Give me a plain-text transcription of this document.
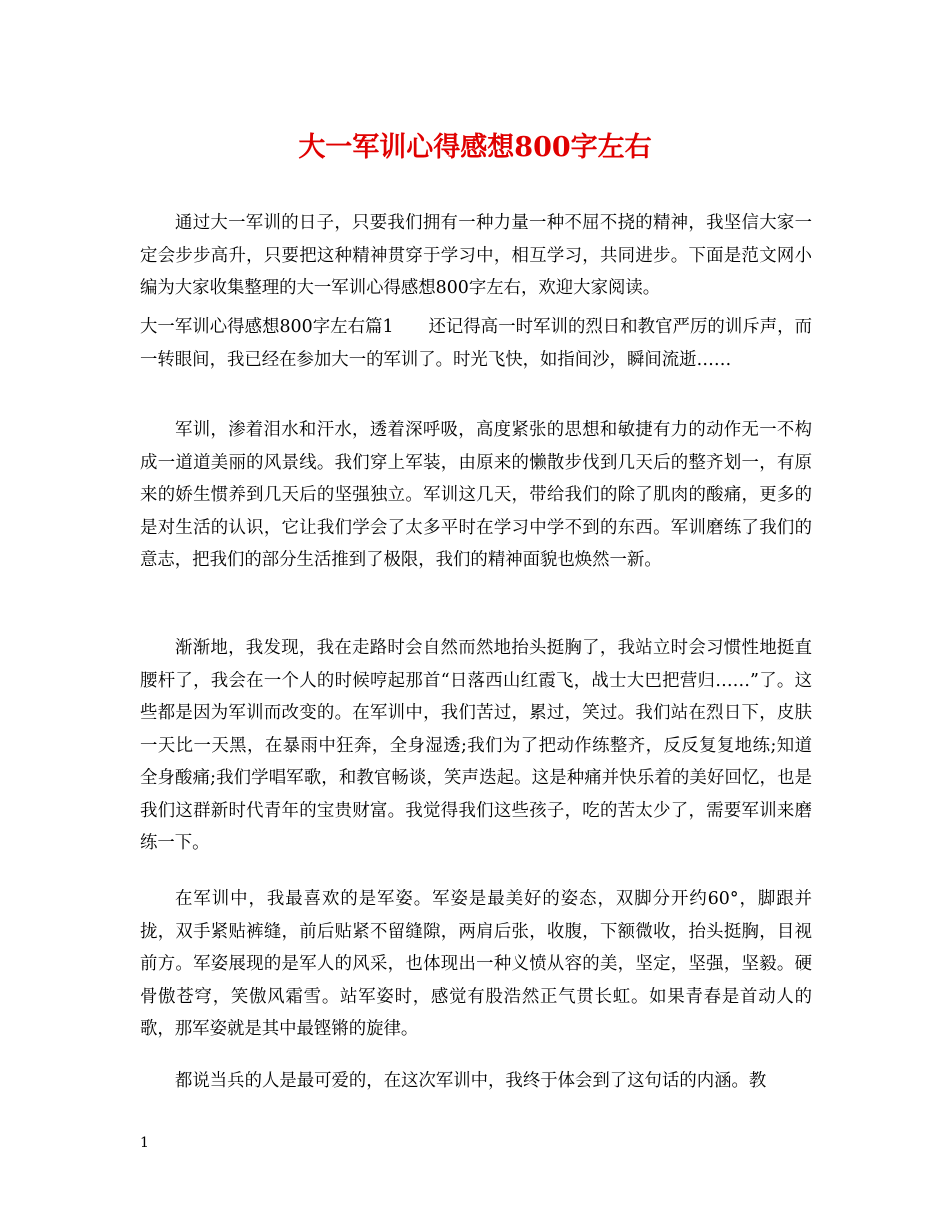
大一军训心得感想800字左右

通过大一军训的日子，只要我们拥有一种力量一种不屈不挠的精神，我坚信大家一定会步步高升，只要把这种精神贯穿于学习中，相互学习，共同进步。下面是范文网小编为大家收集整理的大一军训心得感想800字左右，欢迎大家阅读。

大一军训心得感想800字左右篇1　　还记得高一时军训的烈日和教官严厉的训斥声，而一转眼间，我已经在参加大一的军训了。时光飞快，如指间沙，瞬间流逝……

军训，渗着泪水和汗水，透着深呼吸，高度紧张的思想和敏捷有力的动作无一不构成一道道美丽的风景线。我们穿上军装，由原来的懒散步伐到几天后的整齐划一，有原来的娇生惯养到几天后的坚强独立。军训这几天，带给我们的除了肌肉的酸痛，更多的是对生活的认识，它让我们学会了太多平时在学习中学不到的东西。军训磨练了我们的意志，把我们的部分生活推到了极限，我们的精神面貌也焕然一新。

渐渐地，我发现，我在走路时会自然而然地抬头挺胸了，我站立时会习惯性地挺直腰杆了，我会在一个人的时候哼起那首“日落西山红霞飞，战士大巴把营归……”了。这些都是因为军训而改变的。在军训中，我们苦过，累过，笑过。我们站在烈日下，皮肤一天比一天黑，在暴雨中狂奔，全身湿透;我们为了把动作练整齐，反反复复地练;知道全身酸痛;我们学唱军歌，和教官畅谈，笑声迭起。这是种痛并快乐着的美好回忆，也是我们这群新时代青年的宝贵财富。我觉得我们这些孩子，吃的苦太少了，需要军训来磨练一下。

在军训中，我最喜欢的是军姿。军姿是最美好的姿态，双脚分开约60°，脚跟并拢，双手紧贴裤缝，前后贴紧不留缝隙，两肩后张，收腹，下额微收，抬头挺胸，目视前方。军姿展现的是军人的风采，也体现出一种义愤从容的美，坚定，坚强，坚毅。硬骨傲苍穹，笑傲风霜雪。站军姿时，感觉有股浩然正气贯长虹。如果青春是首动人的歌，那军姿就是其中最铿锵的旋律。

都说当兵的人是最可爱的，在这次军训中，我终于体会到了这句话的内涵。教

1
